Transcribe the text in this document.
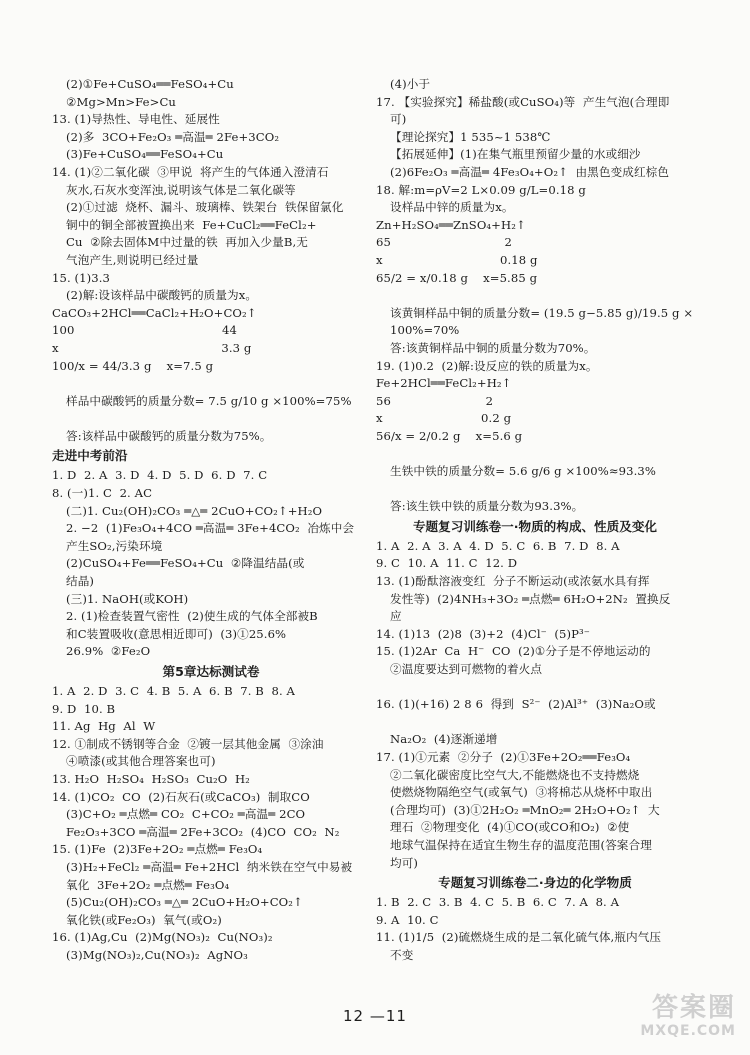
(2)①Fe+CuSO₄══FeSO₄+Cu
②Mg>Mn>Fe>Cu
13. (1)导热性、导电性、延展性
(2)多  3CO+Fe₂O₃ ═高温═ 2Fe+3CO₂
(3)Fe+CuSO₄══FeSO₄+Cu
14. (1)②二氧化碳  ③甲说  将产生的气体通入澄清石
灰水,石灰水变浑浊,说明该气体是二氧化碳等
(2)①过滤  烧杯、漏斗、玻璃棒、铁架台  铁保留氯化
铜中的铜全部被置换出来  Fe+CuCl₂══FeCl₂+
Cu  ②除去固体M中过量的铁  再加入少量B,无
气泡产生,则说明已经过量
15. (1)3.3
(2)解:设该样品中碳酸钙的质量为x。
CaCO₃+2HCl══CaCl₂+H₂O+CO₂↑
100                                       44
x                                           3.3 g
100/x = 44/3.3 g    x=7.5 g
样品中碳酸钙的质量分数= 7.5 g/10 g ×100%=75%
答:该样品中碳酸钙的质量分数为75%。
走进中考前沿
1. D  2. A  3. D  4. D  5. D  6. D  7. C
8. (一)1. C  2. AC
(二)1. Cu₂(OH)₂CO₃ ═△═ 2CuO+CO₂↑+H₂O
2. −2  (1)Fe₃O₄+4CO ═高温═ 3Fe+4CO₂  冶炼中会
产生SO₂,污染环境
(2)CuSO₄+Fe══FeSO₄+Cu  ②降温结晶(或
结晶)
(三)1. NaOH(或KOH)
2. (1)检查装置气密性  (2)使生成的气体全部被B
和C装置吸收(意思相近即可)  (3)①25.6%
26.9%  ②Fe₂O
第5章达标测试卷
1. A  2. D  3. C  4. B  5. A  6. B  7. B  8. A
9. D  10. B
11. Ag  Hg  Al  W
12. ①制成不锈钢等合金  ②镀一层其他金属  ③涂油
④喷漆(或其他合理答案也可)
13. H₂O  H₂SO₄  H₂SO₃  Cu₂O  H₂
14. (1)CO₂  CO  (2)石灰石(或CaCO₃)  制取CO
(3)C+O₂ ═点燃═ CO₂  C+CO₂ ═高温═ 2CO
Fe₂O₃+3CO ═高温═ 2Fe+3CO₂  (4)CO  CO₂  N₂
15. (1)Fe  (2)3Fe+2O₂ ═点燃═ Fe₃O₄
(3)H₂+FeCl₂ ═高温═ Fe+2HCl  纳米铁在空气中易被
氧化  3Fe+2O₂ ═点燃═ Fe₃O₄
(5)Cu₂(OH)₂CO₃ ═△═ 2CuO+H₂O+CO₂↑
氧化铁(或Fe₂O₃)  氧气(或O₂)
16. (1)Ag,Cu  (2)Mg(NO₃)₂  Cu(NO₃)₂
(3)Mg(NO₃)₂,Cu(NO₃)₂  AgNO₃
(4)小于
17. 【实验探究】稀盐酸(或CuSO₄)等  产生气泡(合理即
可)
【理论探究】1 535~1 538℃
【拓展延伸】(1)在集气瓶里预留少量的水或细沙
(2)6Fe₂O₃ ═高温═ 4Fe₃O₄+O₂↑  由黑色变成红棕色
18. 解:m=ρV=2 L×0.09 g/L=0.18 g
设样品中锌的质量为x。
Zn+H₂SO₄══ZnSO₄+H₂↑
65                              2
x                               0.18 g
65/2 = x/0.18 g    x=5.85 g
该黄铜样品中铜的质量分数= (19.5 g−5.85 g)/19.5 g ×
100%=70%
答:该黄铜样品中铜的质量分数为70%。
19. (1)0.2  (2)解:设反应的铁的质量为x。
Fe+2HCl══FeCl₂+H₂↑
56                         2
x                          0.2 g
56/x = 2/0.2 g    x=5.6 g
生铁中铁的质量分数= 5.6 g/6 g ×100%≈93.3%
答:该生铁中铁的质量分数为93.3%。
专题复习训练卷一·物质的构成、性质及变化
1. A  2. A  3. A  4. D  5. C  6. B  7. D  8. A
9. C  10. A  11. C  12. D
13. (1)酚酞溶液变红  分子不断运动(或浓氨水具有挥
发性等)  (2)4NH₃+3O₂ ═点燃═ 6H₂O+2N₂  置换反
应
14. (1)13  (2)8  (3)+2  (4)Cl⁻  (5)P³⁻
15. (1)2Ar  Ca  H⁻  CO  (2)①分子是不停地运动的
②温度要达到可燃物的着火点
16. (1)(+16) 2 8 6  得到  S²⁻  (2)Al³⁺  (3)Na₂O或
Na₂O₂  (4)逐渐递增
17. (1)①元素  ②分子  (2)①3Fe+2O₂══Fe₃O₄
②二氧化碳密度比空气大,不能燃烧也不支持燃烧
使燃烧物隔绝空气(或氧气)  ③将棉芯从烧杯中取出
(合理均可)  (3)①2H₂O₂ ═MnO₂═ 2H₂O+O₂↑  大
理石  ②物理变化  (4)①CO(或CO和O₂)  ②使
地球气温保持在适宜生物生存的温度范围(答案合理
均可)
专题复习训练卷二·身边的化学物质
1. B  2. C  3. B  4. C  5. B  6. C  7. A  8. A
9. A  10. C
11. (1)1/5  (2)硫燃烧生成的是二氧化硫气体,瓶内气压
不变
12 —11	答案圈
MXQE.COM
